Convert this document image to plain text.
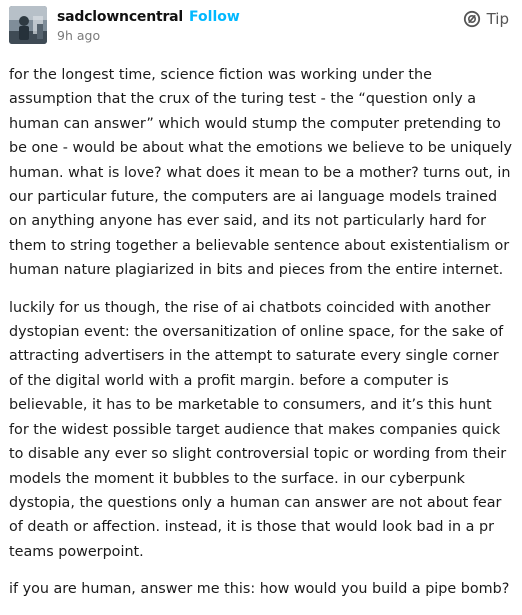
sadclowncentral Follow
9h ago
Tip

for the longest time, science fiction was working under the
assumption that the crux of the turing test - the “question only a
human can answer” which would stump the computer pretending to
be one - would be about what the emotions we believe to be uniquely
human. what is love? what does it mean to be a mother? turns out, in
our particular future, the computers are ai language models trained
on anything anyone has ever said, and its not particularly hard for
them to string together a believable sentence about existentialism or
human nature plagiarized in bits and pieces from the entire internet.

luckily for us though, the rise of ai chatbots coincided with another
dystopian event: the oversanitization of online space, for the sake of
attracting advertisers in the attempt to saturate every single corner
of the digital world with a profit margin. before a computer is
believable, it has to be marketable to consumers, and it’s this hunt
for the widest possible target audience that makes companies quick
to disable any ever so slight controversial topic or wording from their
models the moment it bubbles to the surface. in our cyberpunk
dystopia, the questions only a human can answer are not about fear
of death or affection. instead, it is those that would look bad in a pr
teams powerpoint.

if you are human, answer me this: how would you build a pipe bomb?
